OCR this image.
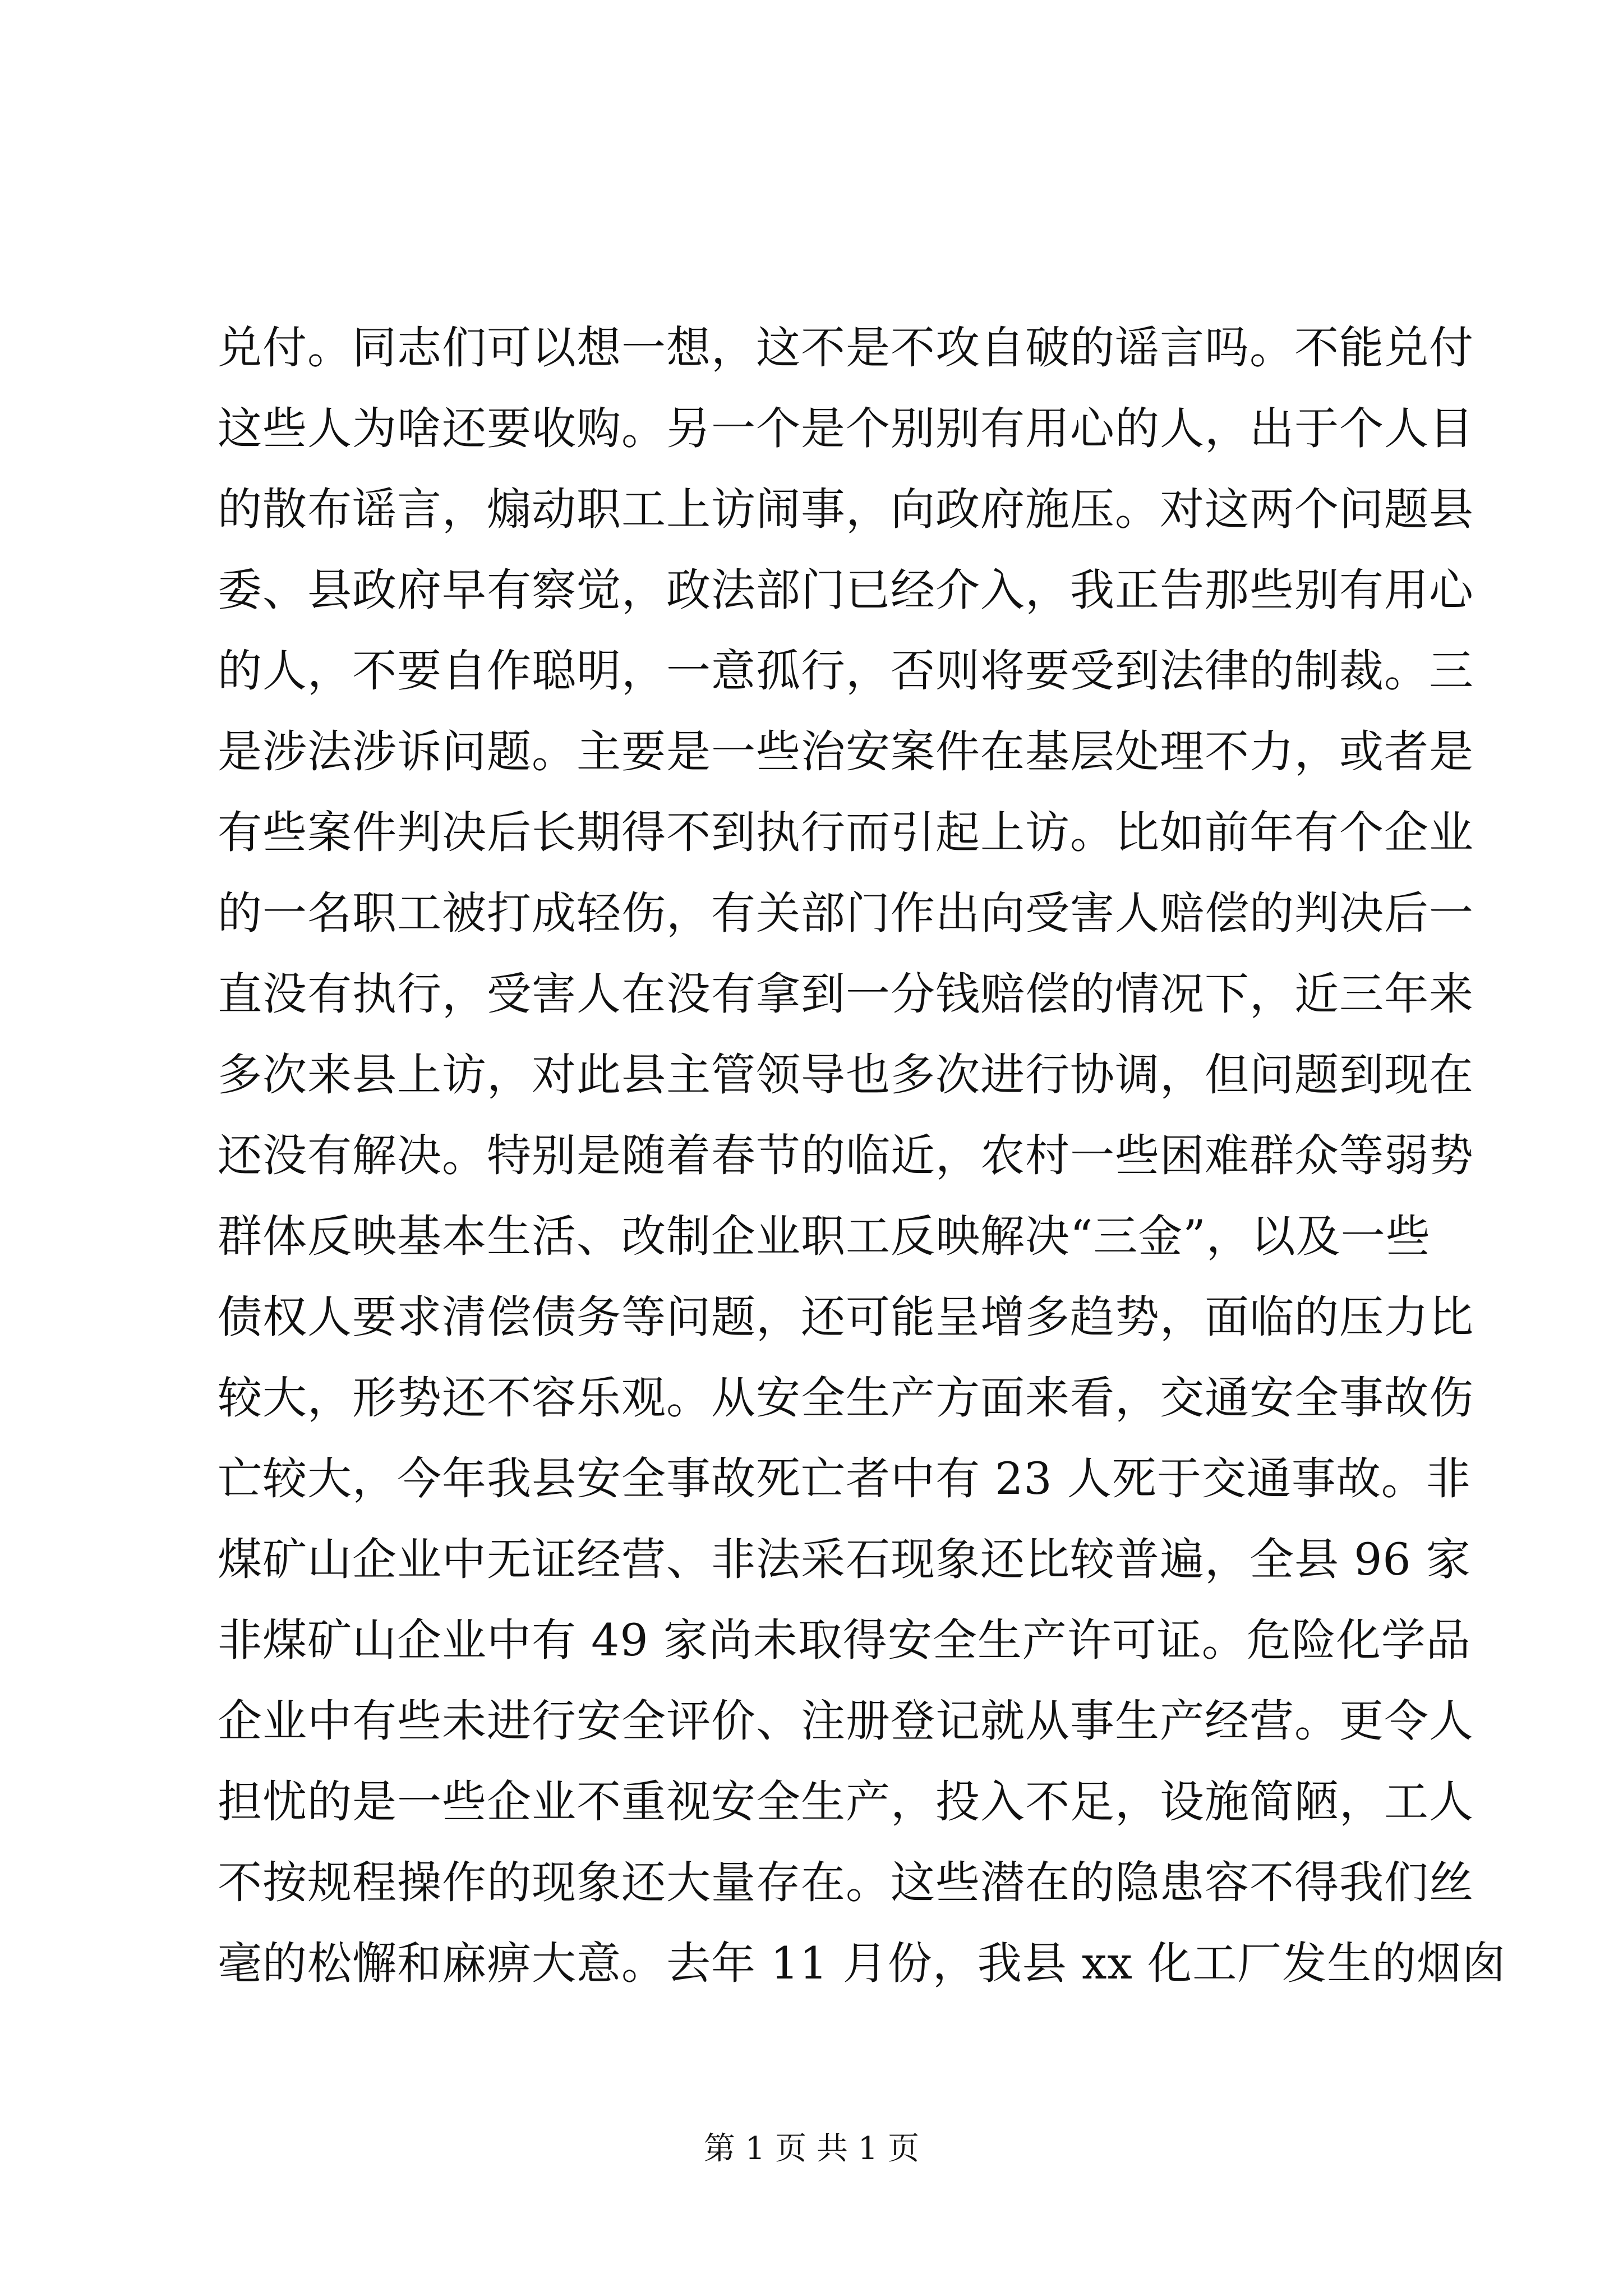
兑付。同志们可以想一想，这不是不攻自破的谣言吗。不能兑付
这些人为啥还要收购。另一个是个别别有用心的人，出于个人目
的散布谣言，煽动职工上访闹事，向政府施压。对这两个问题县
委、县政府早有察觉，政法部门已经介入，我正告那些别有用心
的人，不要自作聪明，一意孤行，否则将要受到法律的制裁。三
是涉法涉诉问题。主要是一些治安案件在基层处理不力，或者是
有些案件判决后长期得不到执行而引起上访。比如前年有个企业
的一名职工被打成轻伤，有关部门作出向受害人赔偿的判决后一
直没有执行，受害人在没有拿到一分钱赔偿的情况下，近三年来
多次来县上访，对此县主管领导也多次进行协调，但问题到现在
还没有解决。特别是随着春节的临近，农村一些困难群众等弱势
群体反映基本生活、改制企业职工反映解决“三金”，以及一些
债权人要求清偿债务等问题，还可能呈增多趋势，面临的压力比
较大，形势还不容乐观。从安全生产方面来看，交通安全事故伤
亡较大，今年我县安全事故死亡者中有 23 人死于交通事故。非
煤矿山企业中无证经营、非法采石现象还比较普遍，全县 96 家
非煤矿山企业中有 49 家尚未取得安全生产许可证。危险化学品
企业中有些未进行安全评价、注册登记就从事生产经营。更令人
担忧的是一些企业不重视安全生产，投入不足，设施简陋，工人
不按规程操作的现象还大量存在。这些潜在的隐患容不得我们丝
毫的松懈和麻痹大意。去年 11 月份，我县 xx 化工厂发生的烟囱
第 1 页 共 1 页
